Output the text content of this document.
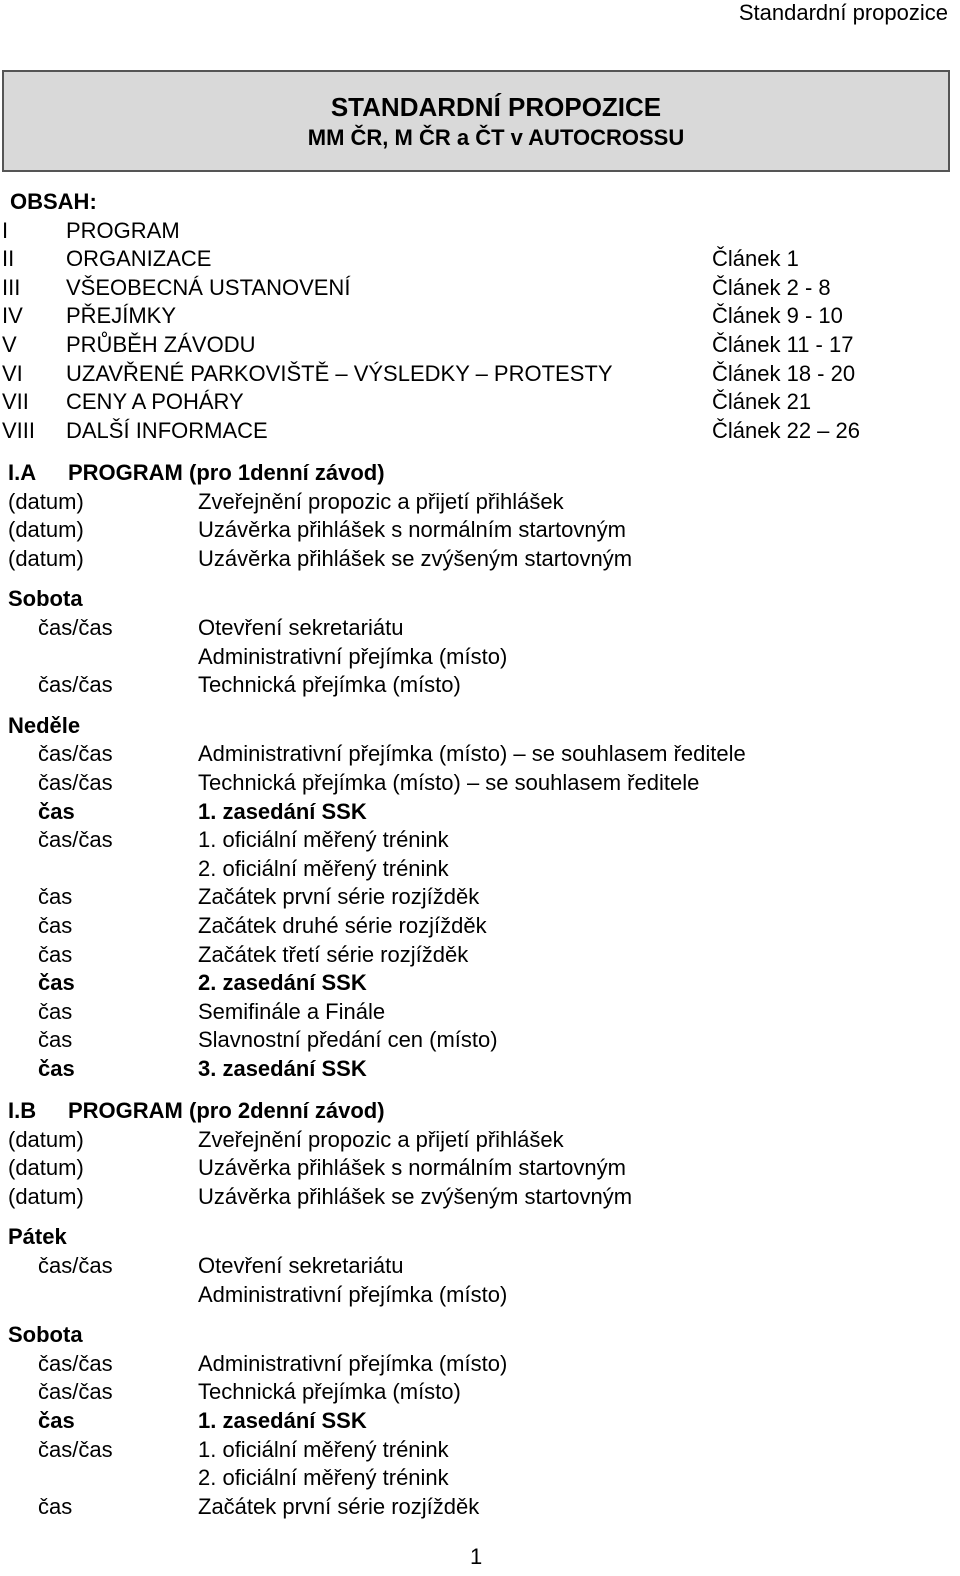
Standardní propozice
STANDARDNÍ PROPOZICE
MM ČR, M ČR a ČT v AUTOCROSSU
OBSAH:
I	PROGRAM
II ORGANIZACE	Článek 1
III VŠEOBECNÁ USTANOVENÍ	Článek 2 - 8
IV PŘEJÍMKY	Článek 9 - 10
V PRŮBĚH ZÁVODU	Článek 11 - 17
VI UZAVŘENÉ PARKOVIŠTĚ – VÝSLEDKY – PROTESTY	Článek 18 - 20
VII CENY A POHÁRY	Článek 21
VIII DALŠÍ INFORMACE	Článek 22 – 26
I.A PROGRAM (pro 1denní závod)
(datum)	Zveřejnění propozic a přijetí přihlášek
(datum)	Uzávěrka přihlášek s normálním startovným
(datum)	Uzávěrka přihlášek se zvýšeným startovným
Sobota
čas/čas	Otevření sekretariátu
Administrativní přejímka (místo)
čas/čas	Technická přejímka (místo)
Neděle
čas/čas	Administrativní přejímka (místo) – se souhlasem ředitele
čas/čas	Technická přejímka (místo) – se souhlasem ředitele
čas	1. zasedání SSK
čas/čas	1. oficiální měřený trénink
2. oficiální měřený trénink
čas	Začátek první série rozjížděk
čas	Začátek druhé série rozjížděk
čas	Začátek třetí série rozjížděk
čas	2. zasedání SSK
čas	Semifinále a Finále
čas	Slavnostní předání cen (místo)
čas	3. zasedání SSK
I.B PROGRAM (pro 2denní závod)
(datum)	Zveřejnění propozic a přijetí přihlášek
(datum)	Uzávěrka přihlášek s normálním startovným
(datum)	Uzávěrka přihlášek se zvýšeným startovným
Pátek
čas/čas	Otevření sekretariátu
Administrativní přejímka (místo)
Sobota
čas/čas	Administrativní přejímka (místo)
čas/čas	Technická přejímka (místo)
čas	1. zasedání SSK
čas/čas	1. oficiální měřený trénink
2. oficiální měřený trénink
čas	Začátek první série rozjížděk
1
